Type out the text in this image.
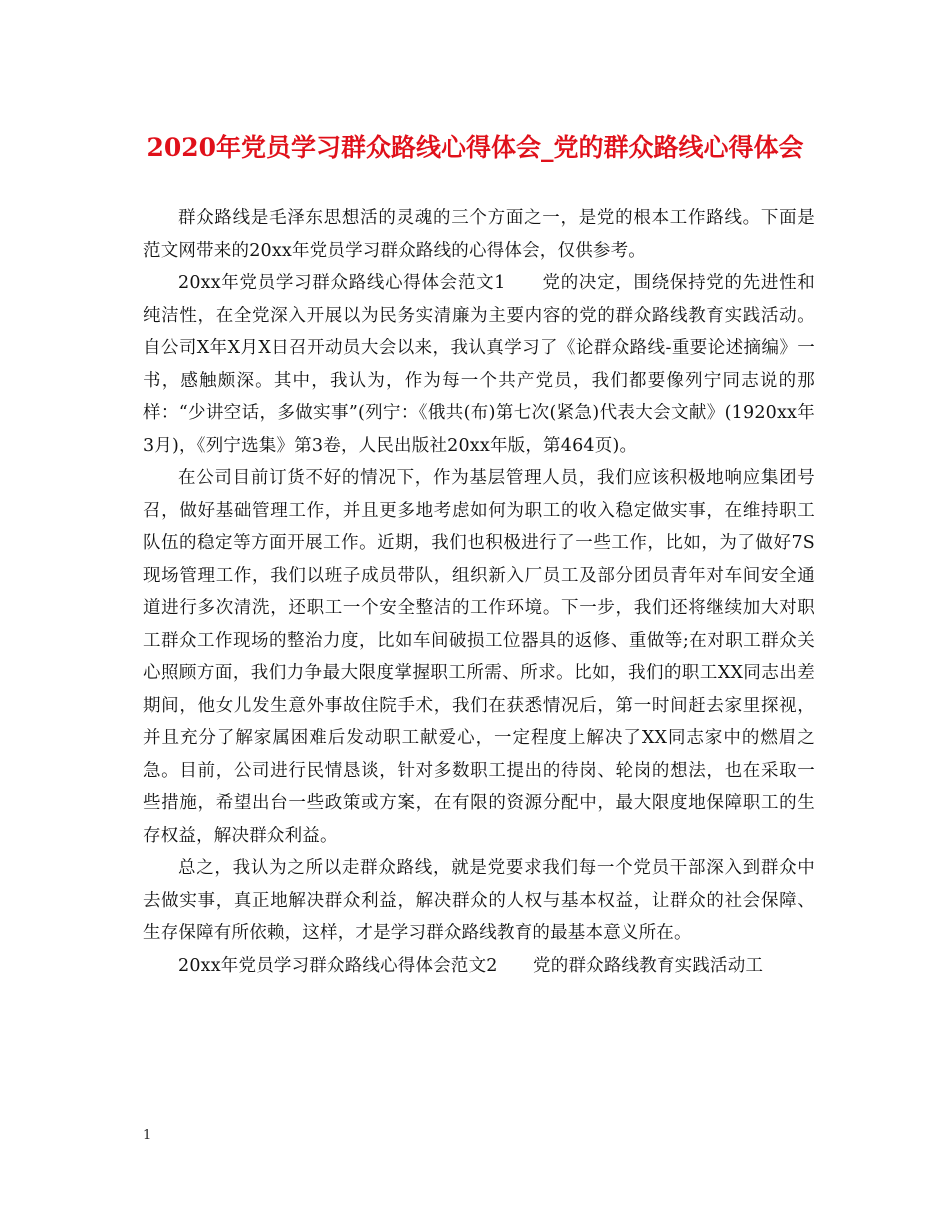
2020年党员学习群众路线心得体会_党的群众路线心得体会

群众路线是毛泽东思想活的灵魂的三个方面之一，是党的根本工作路线。下面是范文网带来的20xx年党员学习群众路线的心得体会，仅供参考。

20xx年党员学习群众路线心得体会范文1　　党的决定，围绕保持党的先进性和纯洁性，在全党深入开展以为民务实清廉为主要内容的党的群众路线教育实践活动。自公司X年X月X日召开动员大会以来，我认真学习了《论群众路线-重要论述摘编》一书，感触颇深。其中，我认为，作为每一个共产党员，我们都要像列宁同志说的那样：“少讲空话，多做实事”(列宁：《俄共(布)第七次(紧急)代表大会文献》(1920xx年3月)，《列宁选集》第3卷，人民出版社20xx年版，第464页)。

在公司目前订货不好的情况下，作为基层管理人员，我们应该积极地响应集团号召，做好基础管理工作，并且更多地考虑如何为职工的收入稳定做实事，在维持职工队伍的稳定等方面开展工作。近期，我们也积极进行了一些工作，比如，为了做好7S现场管理工作，我们以班子成员带队，组织新入厂员工及部分团员青年对车间安全通道进行多次清洗，还职工一个安全整洁的工作环境。下一步，我们还将继续加大对职工群众工作现场的整治力度，比如车间破损工位器具的返修、重做等;在对职工群众关心照顾方面，我们力争最大限度掌握职工所需、所求。比如，我们的职工XX同志出差期间，他女儿发生意外事故住院手术，我们在获悉情况后，第一时间赶去家里探视，并且充分了解家属困难后发动职工献爱心，一定程度上解决了XX同志家中的燃眉之急。目前，公司进行民情恳谈，针对多数职工提出的待岗、轮岗的想法，也在采取一些措施，希望出台一些政策或方案，在有限的资源分配中，最大限度地保障职工的生存权益，解决群众利益。

总之，我认为之所以走群众路线，就是党要求我们每一个党员干部深入到群众中去做实事，真正地解决群众利益，解决群众的人权与基本权益，让群众的社会保障、生存保障有所依赖，这样，才是学习群众路线教育的最基本意义所在。

20xx年党员学习群众路线心得体会范文2　　党的群众路线教育实践活动工

1
